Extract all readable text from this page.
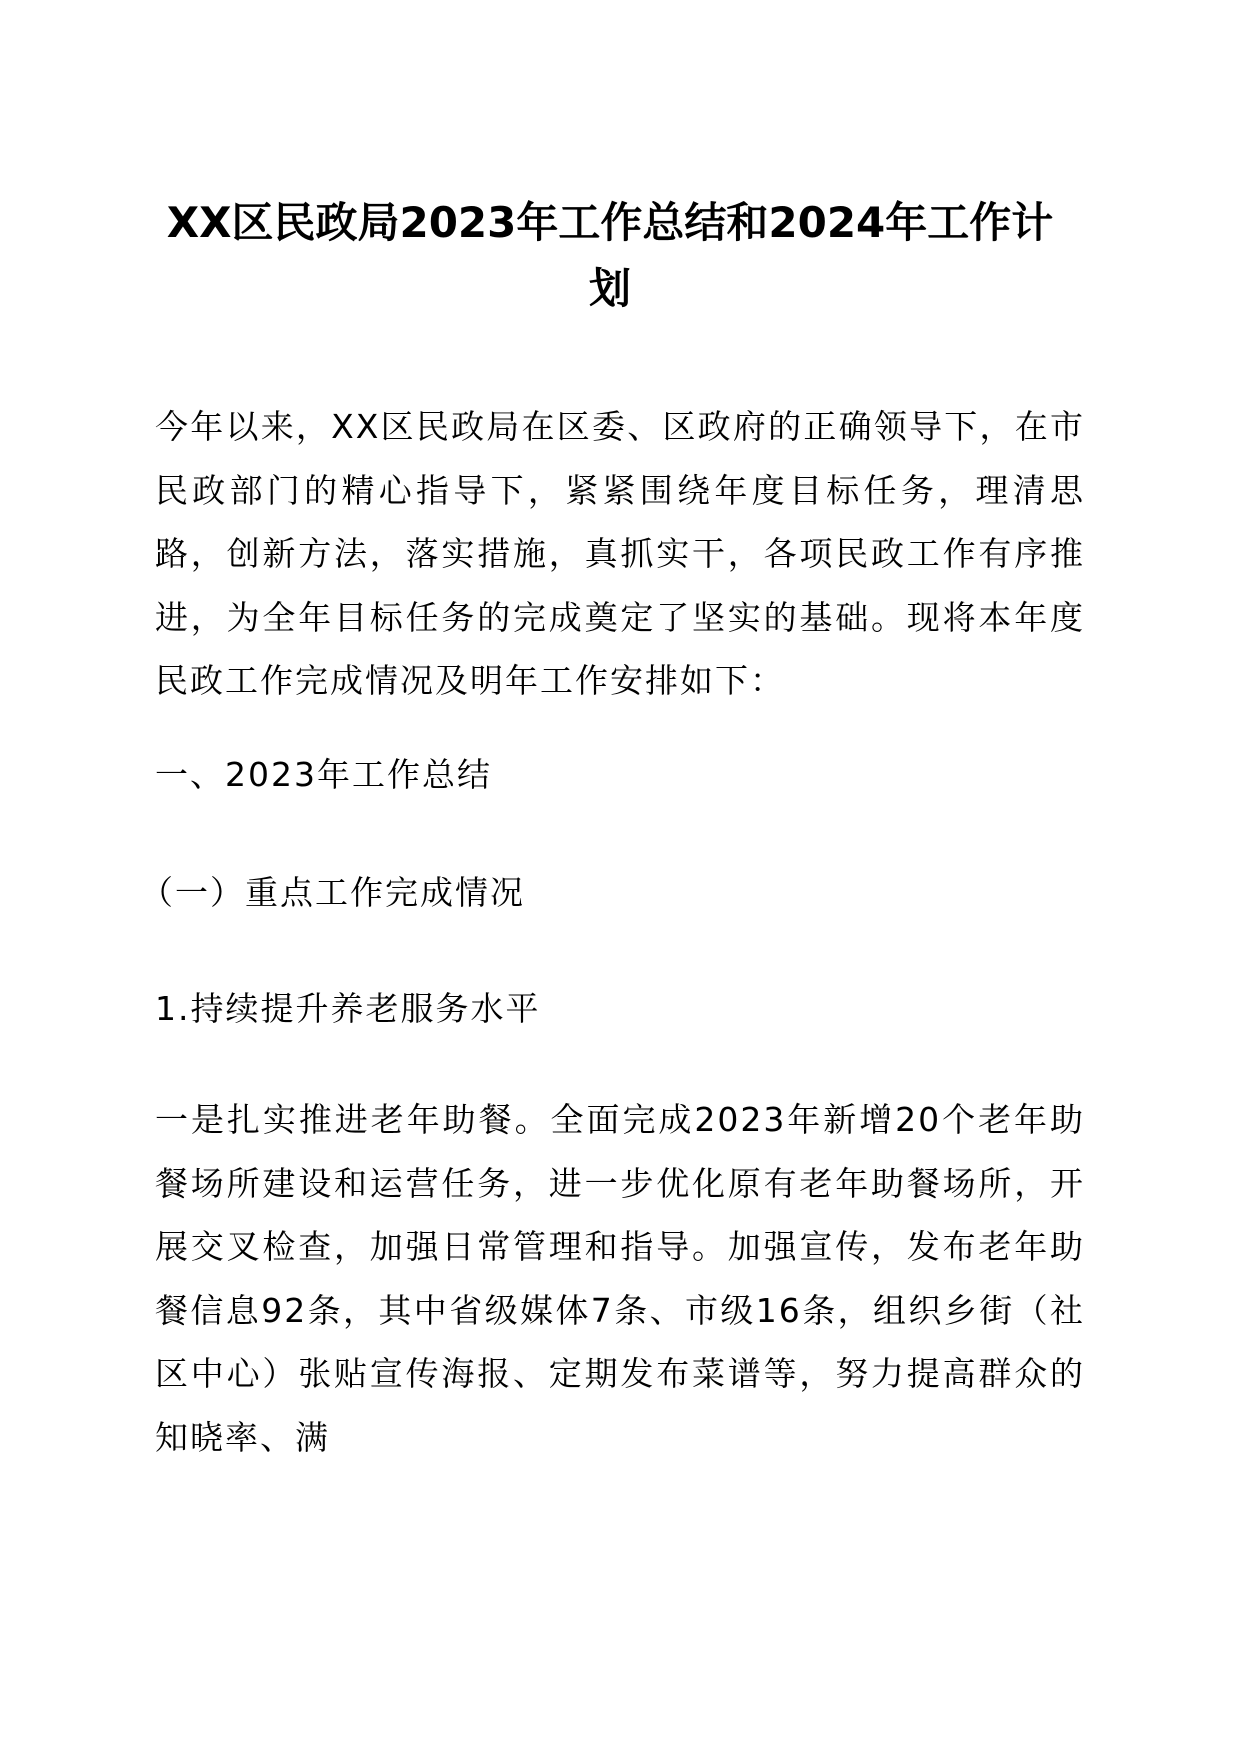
XX区民政局2023年工作总结和2024年工作计划

今年以来，XX区民政局在区委、区政府的正确领导下，在市民政部门的精心指导下，紧紧围绕年度目标任务，理清思路，创新方法，落实措施，真抓实干，各项民政工作有序推进，为全年目标任务的完成奠定了坚实的基础。现将本年度民政工作完成情况及明年工作安排如下：

一、2023年工作总结
（一）重点工作完成情况
1.持续提升养老服务水平

一是扎实推进老年助餐。全面完成2023年新增20个老年助餐场所建设和运营任务，进一步优化原有老年助餐场所，开展交叉检查，加强日常管理和指导。加强宣传，发布老年助餐信息92条，其中省级媒体7条、市级16条，组织乡街（社区中心）张贴宣传海报、定期发布菜谱等，努力提高群众的知晓率、满
